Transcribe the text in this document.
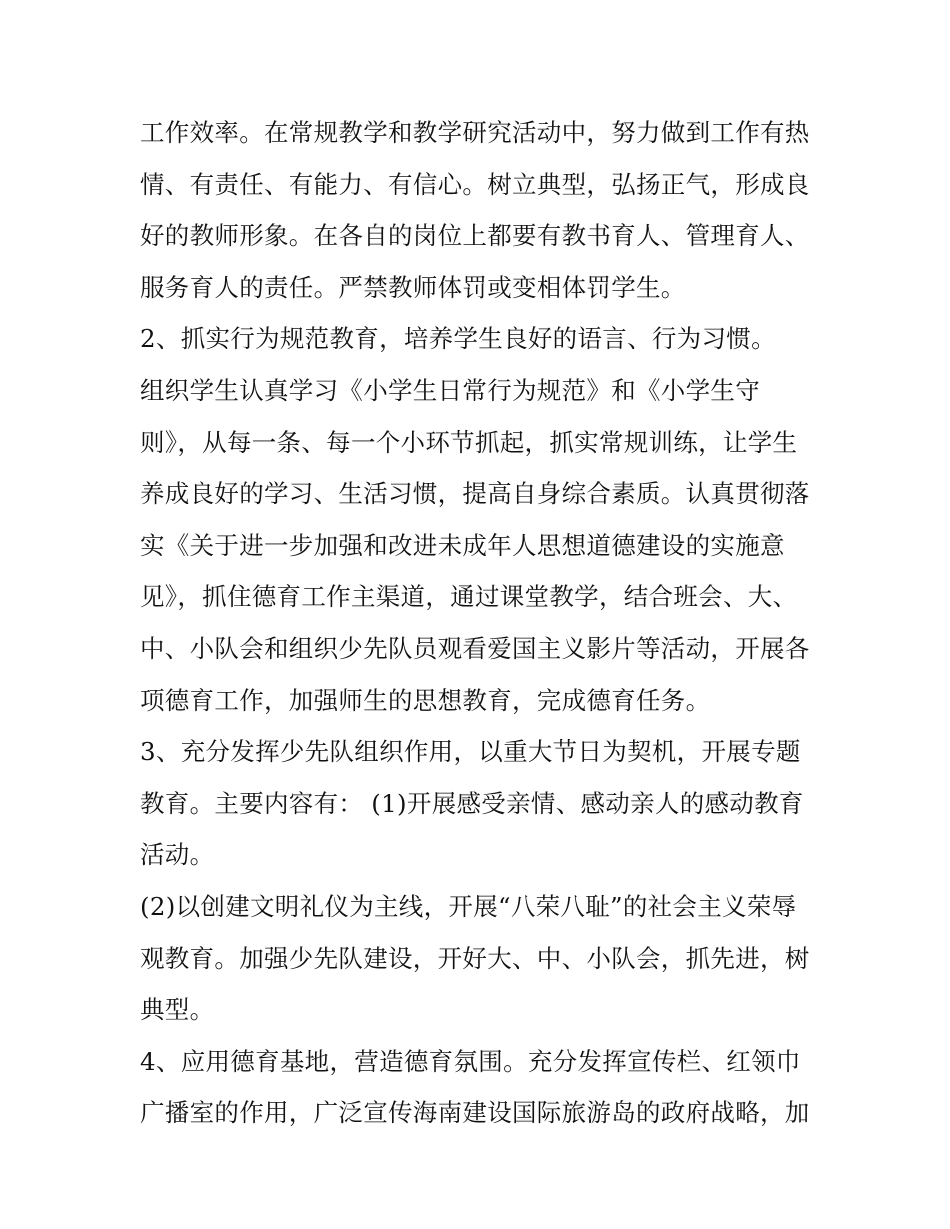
工作效率。在常规教学和教学研究活动中，努力做到工作有热
情、有责任、有能力、有信心。树立典型，弘扬正气，形成良
好的教师形象。在各自的岗位上都要有教书育人、管理育人、
服务育人的责任。严禁教师体罚或变相体罚学生。
2、抓实行为规范教育，培养学生良好的语言、行为习惯。
组织学生认真学习《小学生日常行为规范》和《小学生守
则》，从每一条、每一个小环节抓起，抓实常规训练，让学生
养成良好的学习、生活习惯，提高自身综合素质。认真贯彻落
实《关于进一步加强和改进未成年人思想道德建设的实施意
见》，抓住德育工作主渠道，通过课堂教学，结合班会、大、
中、小队会和组织少先队员观看爱国主义影片等活动，开展各
项德育工作，加强师生的思想教育，完成德育任务。
3、充分发挥少先队组织作用，以重大节日为契机，开展专题
教育。主要内容有： (1)开展感受亲情、感动亲人的感动教育
活动。
(2)以创建文明礼仪为主线，开展“八荣八耻”的社会主义荣辱
观教育。加强少先队建设，开好大、中、小队会，抓先进，树
典型。
4、应用德育基地，营造德育氛围。充分发挥宣传栏、红领巾
广播室的作用，广泛宣传海南建设国际旅游岛的政府战略，加
